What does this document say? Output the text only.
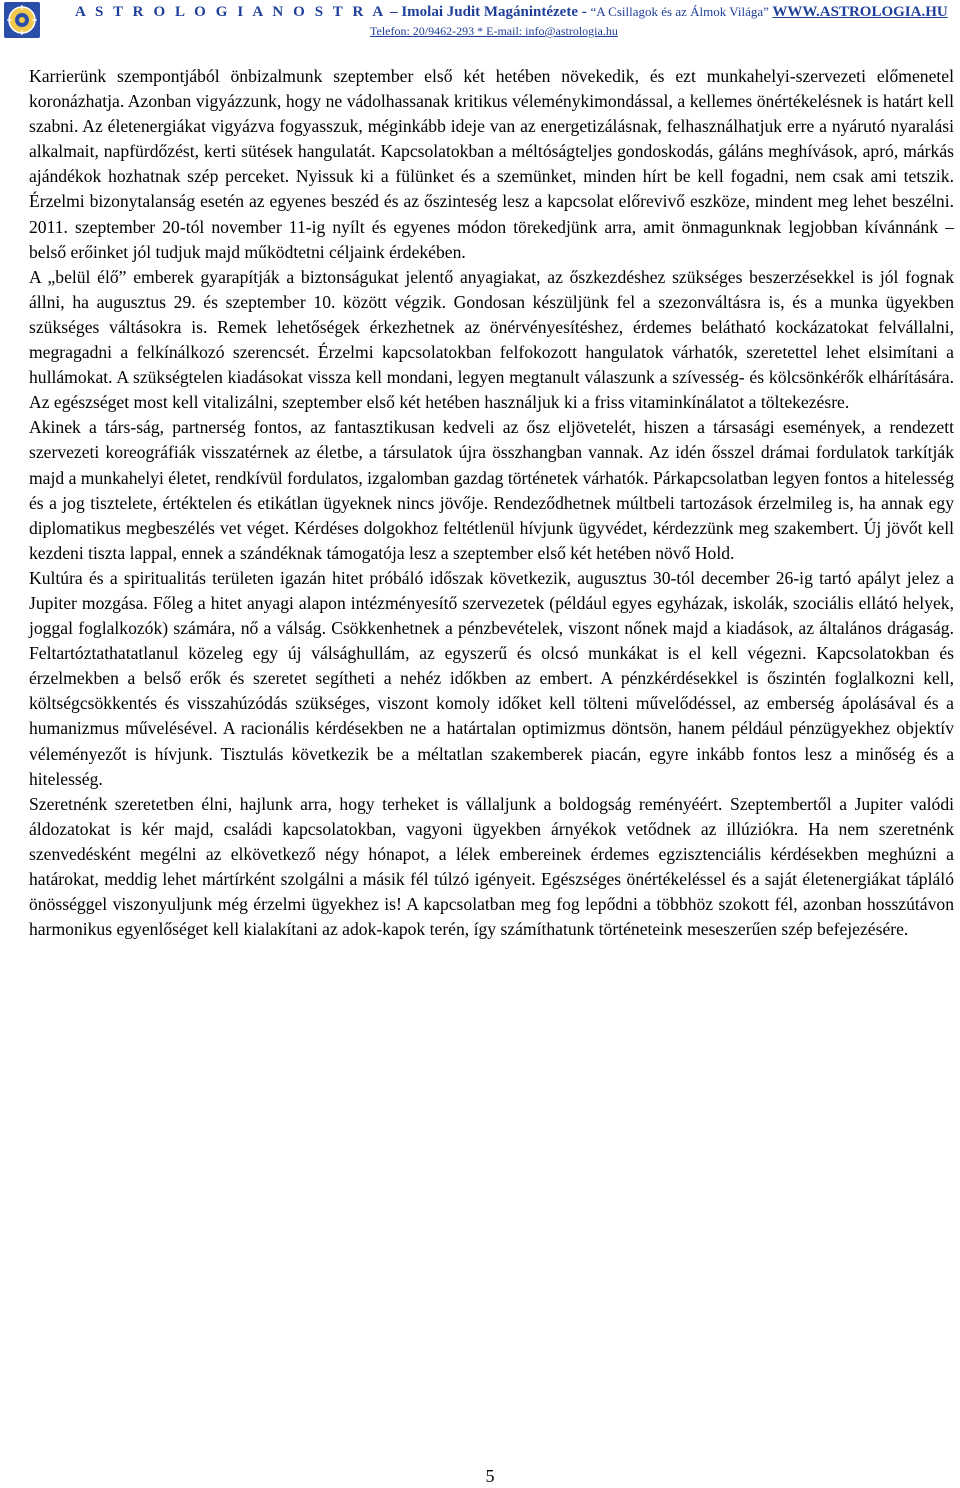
A S T R O L O G I A N O S T R A – Imolai Judit Magánintézete - “A Csillagok és az Álmok Világa” WWW.ASTROLOGIA.HU
Telefon: 20/9462-293 * E-mail: info@astrologia.hu

Karrierünk szempontjából önbizalmunk szeptember első két hetében növekedik, és ezt munkahelyi-szervezeti előmenetel koronázhatja. Azonban vigyázzunk, hogy ne vádolhassanak kritikus véleménykimondással, a kellemes önértékelésnek is határt kell szabni. Az életenergiákat vigyázva fogyasszuk, méginkább ideje van az energetizálásnak, felhasználhatjuk erre a nyárutó nyaralási alkalmait, napfürdőzést, kerti sütések hangulatát. Kapcsolatokban a méltóságteljes gondoskodás, gáláns meghívások, apró, márkás ajándékok hozhatnak szép perceket. Nyissuk ki a fülünket és a szemünket, minden hírt be kell fogadni, nem csak ami tetszik. Érzelmi bizonytalanság esetén az egyenes beszéd és az őszinteség lesz a kapcsolat előrevivő eszköze, mindent meg lehet beszélni. 2011. szeptember 20-tól november 11-ig nyílt és egyenes módon törekedjünk arra, amit önmagunknak legjobban kívánnánk – belső erőinket jól tudjuk majd működtetni céljaink érdekében.

A „belül élő” emberek gyarapítják a biztonságukat jelentő anyagiakat, az őszkezdéshez szükséges beszerzésekkel is jól fognak állni, ha augusztus 29. és szeptember 10. között végzik. Gondosan készüljünk fel a szezonváltásra is, és a munka ügyekben szükséges váltásokra is. Remek lehetőségek érkezhetnek az önérvényesítéshez, érdemes belátható kockázatokat felvállalni, megragadni a felkínálkozó szerencsét. Érzelmi kapcsolatokban felfokozott hangulatok várhatók, szeretettel lehet elsimítani a hullámokat. A szükségtelen kiadásokat vissza kell mondani, legyen megtanult válaszunk a szívesség- és kölcsönkérők elhárítására. Az egészséget most kell vitalizálni, szeptember első két hetében használjuk ki a friss vitaminkínálatot a töltekezésre.

Akinek a társ-ság, partnerség fontos, az fantasztikusan kedveli az ősz eljövetelét, hiszen a társasági események, a rendezett szervezeti koreográfiák visszatérnek az életbe, a társulatok újra összhangban vannak. Az idén ősszel drámai fordulatok tarkítják majd a munkahelyi életet, rendkívül fordulatos, izgalomban gazdag történetek várhatók. Párkapcsolatban legyen fontos a hitelesség és a jog tisztelete, értéktelen és etikátlan ügyeknek nincs jövője. Rendeződhetnek múltbeli tartozások érzelmileg is, ha annak egy diplomatikus megbeszélés vet véget. Kérdéses dolgokhoz feltétlenül hívjunk ügyvédet, kérdezzünk meg szakembert. Új jövőt kell kezdeni tiszta lappal, ennek a szándéknak támogatója lesz a szeptember első két hetében növő Hold.

Kultúra és a spiritualitás területen igazán hitet próbáló időszak következik, augusztus 30-tól december 26-ig tartó apályt jelez a Jupiter mozgása. Főleg a hitet anyagi alapon intézményesítő szervezetek (például egyes egyházak, iskolák, szociális ellátó helyek, joggal foglalkozók) számára, nő a válság. Csökkenhetnek a pénzbevételek, viszont nőnek majd a kiadások, az általános drágaság. Feltartóztathatatlanul közeleg egy új válsághullám, az egyszerű és olcsó munkákat is el kell végezni. Kapcsolatokban és érzelmekben a belső erők és szeretet segítheti a nehéz időkben az embert. A pénzkérdésekkel is őszintén foglalkozni kell, költségcsökkentés és visszahúzódás szükséges, viszont komoly időket kell tölteni művelődéssel, az emberség ápolásával és a humanizmus művelésével. A racionális kérdésekben ne a határtalan optimizmus döntsön, hanem például pénzügyekhez objektív véleményezőt is hívjunk. Tisztulás következik be a méltatlan szakemberek piacán, egyre inkább fontos lesz a minőség és a hitelesség.

Szeretnénk szeretetben élni, hajlunk arra, hogy terheket is vállaljunk a boldogság reményéért. Szeptembertől a Jupiter valódi áldozatokat is kér majd, családi kapcsolatokban, vagyoni ügyekben árnyékok vetődnek az illúziókra. Ha nem szeretnénk szenvedésként megélni az elkövetkező négy hónapot, a lélek embereinek érdemes egzisztenciális kérdésekben meghúzni a határokat, meddig lehet mártírként szolgálni a másik fél túlzó igényeit. Egészséges önértékeléssel és a saját életenergiákat tápláló önösséggel viszonyuljunk még érzelmi ügyekhez is! A kapcsolatban meg fog lepődni a többhöz szokott fél, azonban hosszútávon harmonikus egyenlőséget kell kialakítani az adok-kapok terén, így számíthatunk történeteink meseszerűen szép befejezésére.

5
